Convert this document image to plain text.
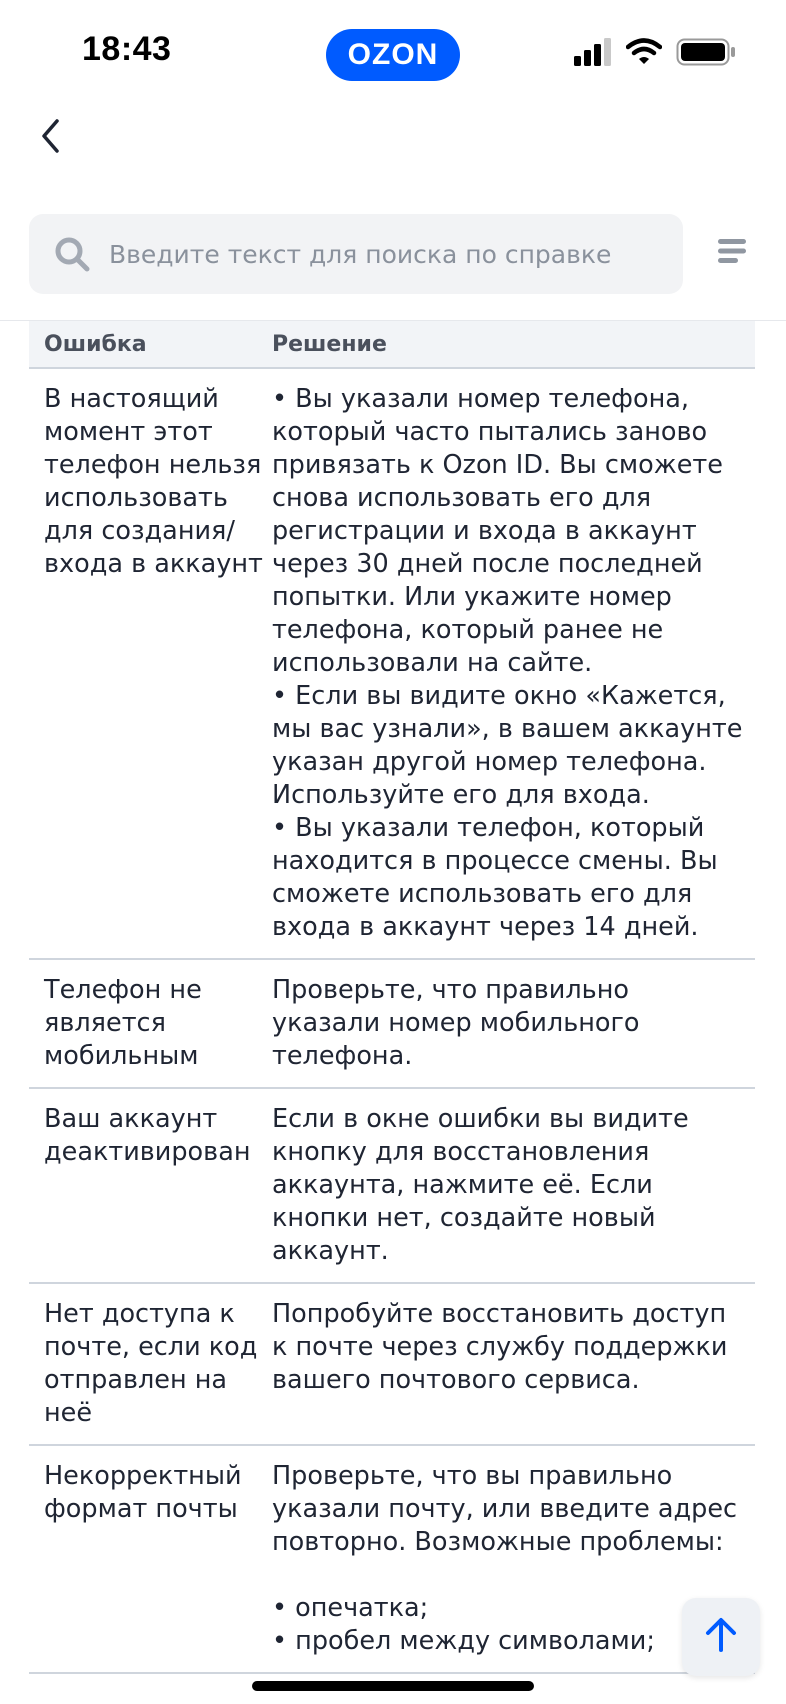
18:43	OZON
Введите текст для поиска по справке
Ошибка	Решение
В настоящий момент этот телефон нельзя использовать для создания/входа в аккаунт

• Вы указали номер телефона, который часто пытались заново привязать к Ozon ID. Вы сможете снова использовать его для регистрации и входа в аккаунт через 30 дней после последней попытки. Или укажите номер телефона, который ранее не использовали на сайте.

• Если вы видите окно «Кажется, мы вас узнали», в вашем аккаунте указан другой номер телефона. Используйте его для входа.

• Вы указали телефон, который находится в процессе смены. Вы сможете использовать его для входа в аккаунт через 14 дней.

Телефон не является мобильным

Проверьте, что правильно указали номер мобильного телефона.

Ваш аккаунт деактивирован

Если в окне ошибки вы видите кнопку для восстановления аккаунта, нажмите её. Если кнопки нет, создайте новый аккаунт.

Нет доступа к почте, если код отправлен на неё

Попробуйте восстановить доступ к почте через службу поддержки вашего почтового сервиса.

Некорректный формат почты

Проверьте, что вы правильно указали почту, или введите адрес повторно. Возможные проблемы:

• опечатка;

• пробел между символами;
